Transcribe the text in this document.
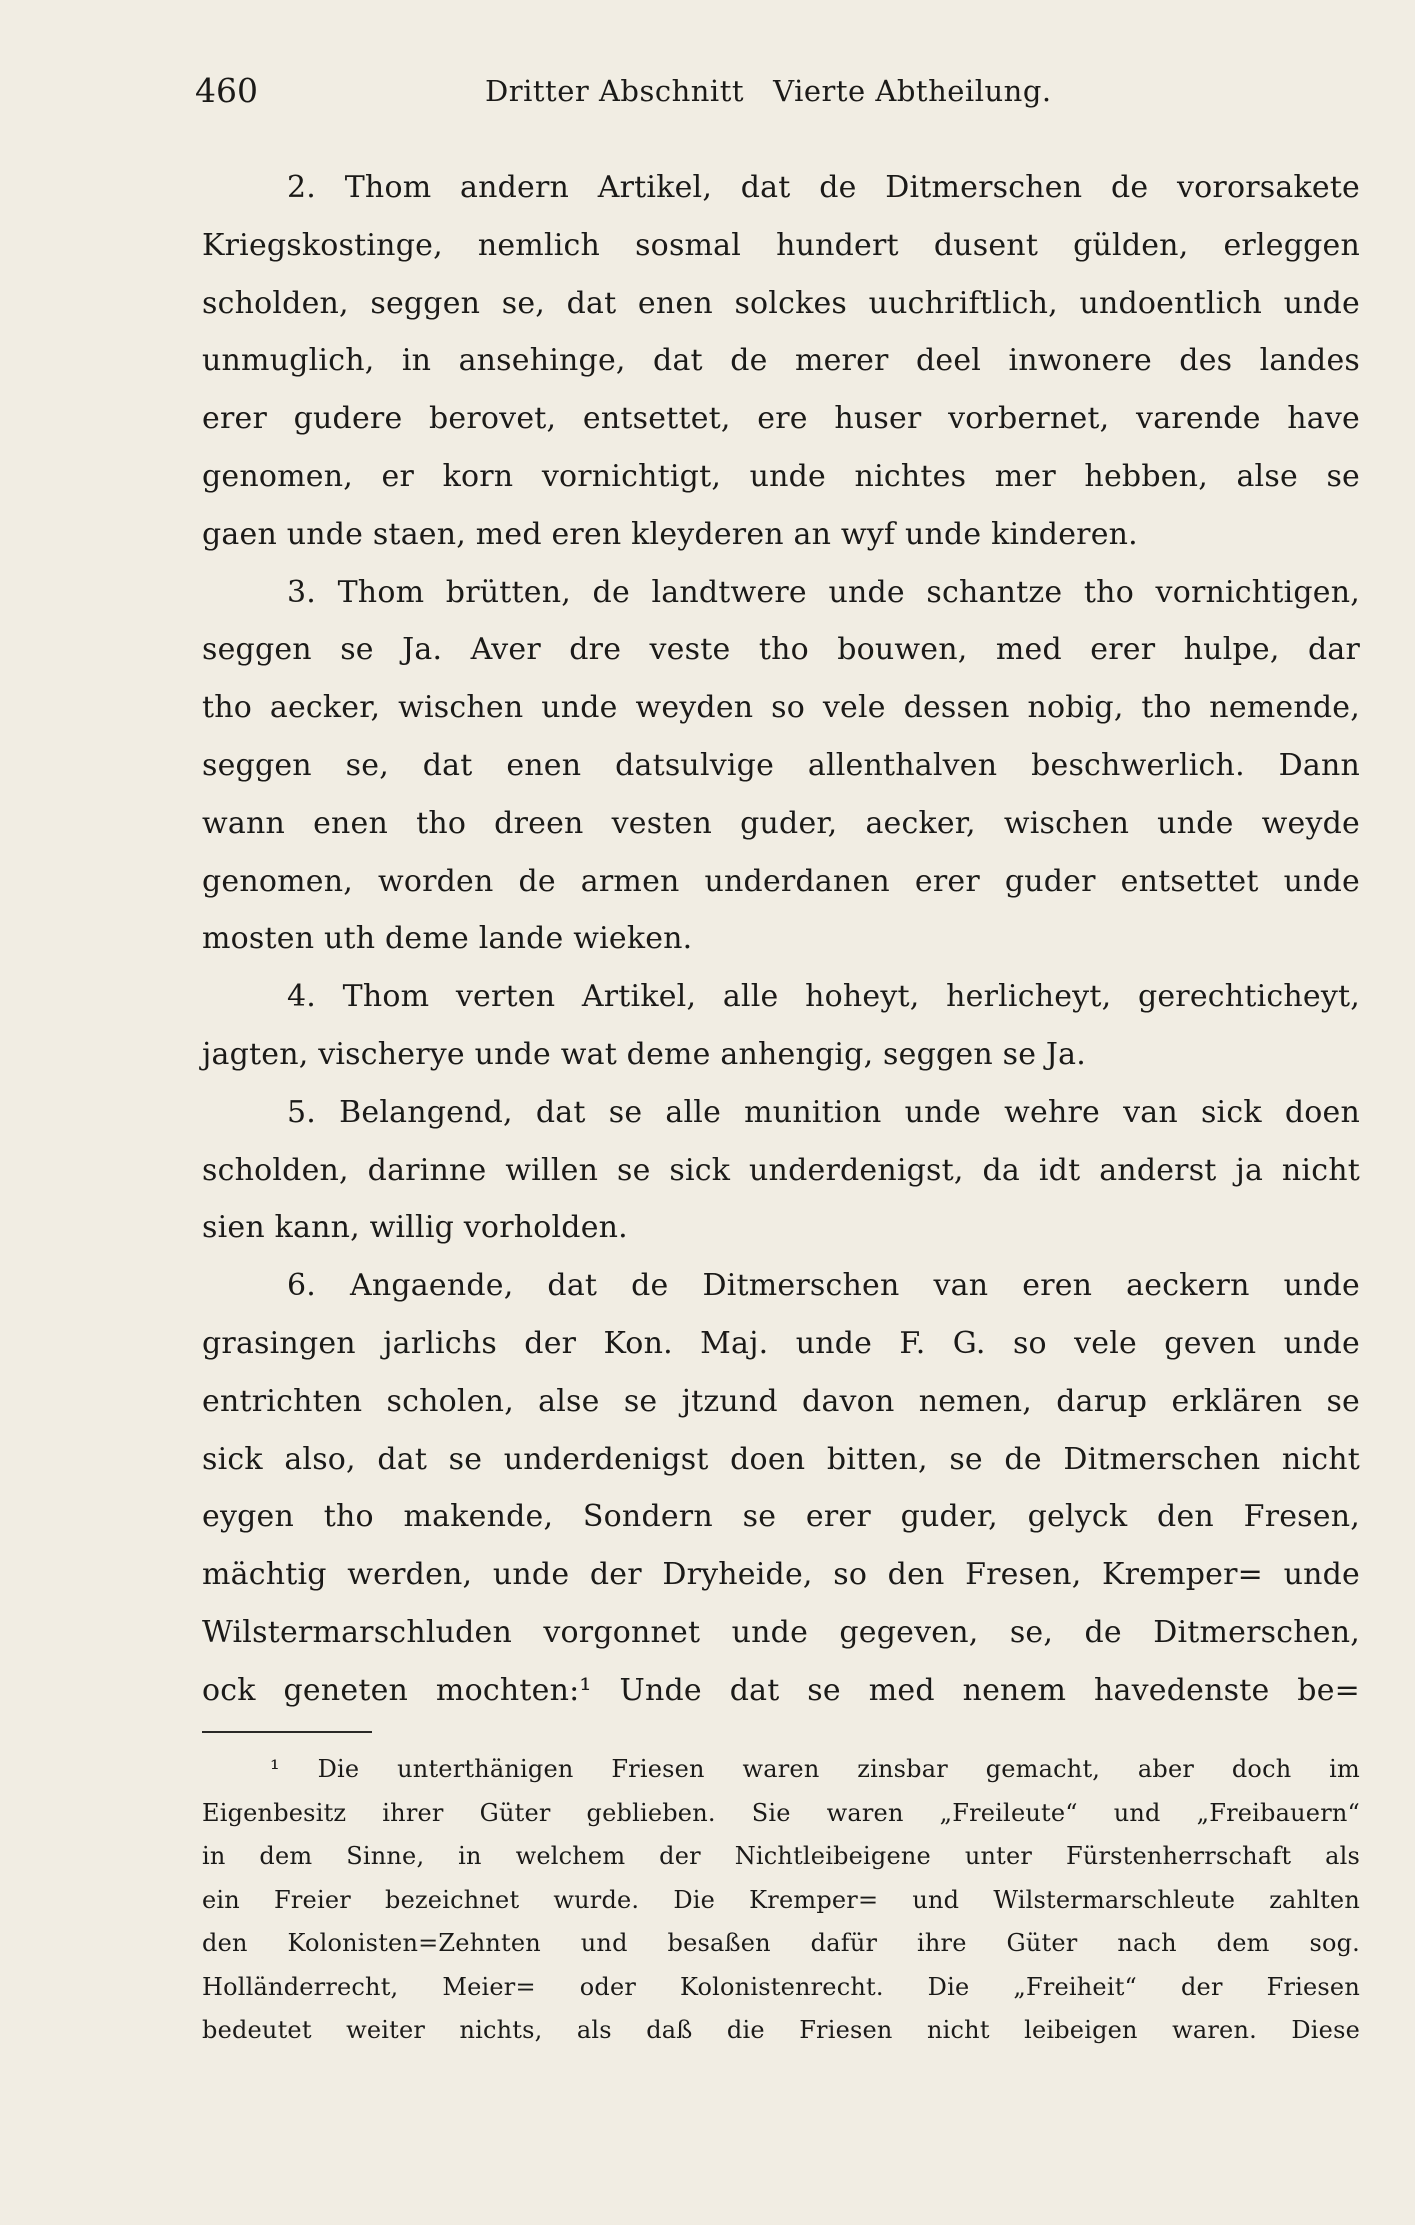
460	Dritter Abschnitt   Vierte Abtheilung.
2. Thom andern Artikel, dat de Ditmerschen de vororsakete
Kriegskostinge, nemlich sosmal hundert dusent gülden, erleggen
scholden, seggen se, dat enen solckes uuchriftlich, undoentlich unde
unmuglich, in ansehinge, dat de merer deel inwonere des landes
erer gudere berovet, entsettet, ere huser vorbernet, varende have
genomen, er korn vornichtigt, unde nichtes mer hebben, alse se
gaen unde staen, med eren kleyderen an wyf unde kinderen.
3. Thom brütten, de landtwere unde schantze tho vornichtigen,
seggen se Ja. Aver dre veste tho bouwen, med erer hulpe, dar
tho aecker, wischen unde weyden so vele dessen nobig, tho nemende,
seggen se, dat enen datsulvige allenthalven beschwerlich. Dann
wann enen tho dreen vesten guder, aecker, wischen unde weyde
genomen, worden de armen underdanen erer guder entsettet unde
mosten uth deme lande wieken.
4. Thom verten Artikel, alle hoheyt, herlicheyt, gerechticheyt,
jagten, vischerye unde wat deme anhengig, seggen se Ja.
5. Belangend, dat se alle munition unde wehre van sick doen
scholden, darinne willen se sick underdenigst, da idt anderst ja nicht
sien kann, willig vorholden.
6. Angaende, dat de Ditmerschen van eren aeckern unde
grasingen jarlichs der Kon. Maj. unde F. G. so vele geven unde
entrichten scholen, alse se jtzund davon nemen, darup erklären se
sick also, dat se underdenigst doen bitten, se de Ditmerschen nicht
eygen tho makende, Sondern se erer guder, gelyck den Fresen,
mächtig werden, unde der Dryheide, so den Fresen, Kremper= unde
Wilstermarschluden vorgonnet unde gegeven, se, de Ditmerschen,
ock geneten mochten:¹ Unde dat se med nenem havedenste be=
¹ Die unterthänigen Friesen waren zinsbar gemacht, aber doch im
Eigenbesitz ihrer Güter geblieben. Sie waren „Freileute“ und „Freibauern“
in dem Sinne, in welchem der Nichtleibeigene unter Fürstenherrschaft als
ein Freier bezeichnet wurde. Die Kremper= und Wilstermarschleute zahlten
den Kolonisten=Zehnten und besaßen dafür ihre Güter nach dem sog.
Holländerrecht, Meier= oder Kolonistenrecht. Die „Freiheit“ der Friesen
bedeutet weiter nichts, als daß die Friesen nicht leibeigen waren. Diese
